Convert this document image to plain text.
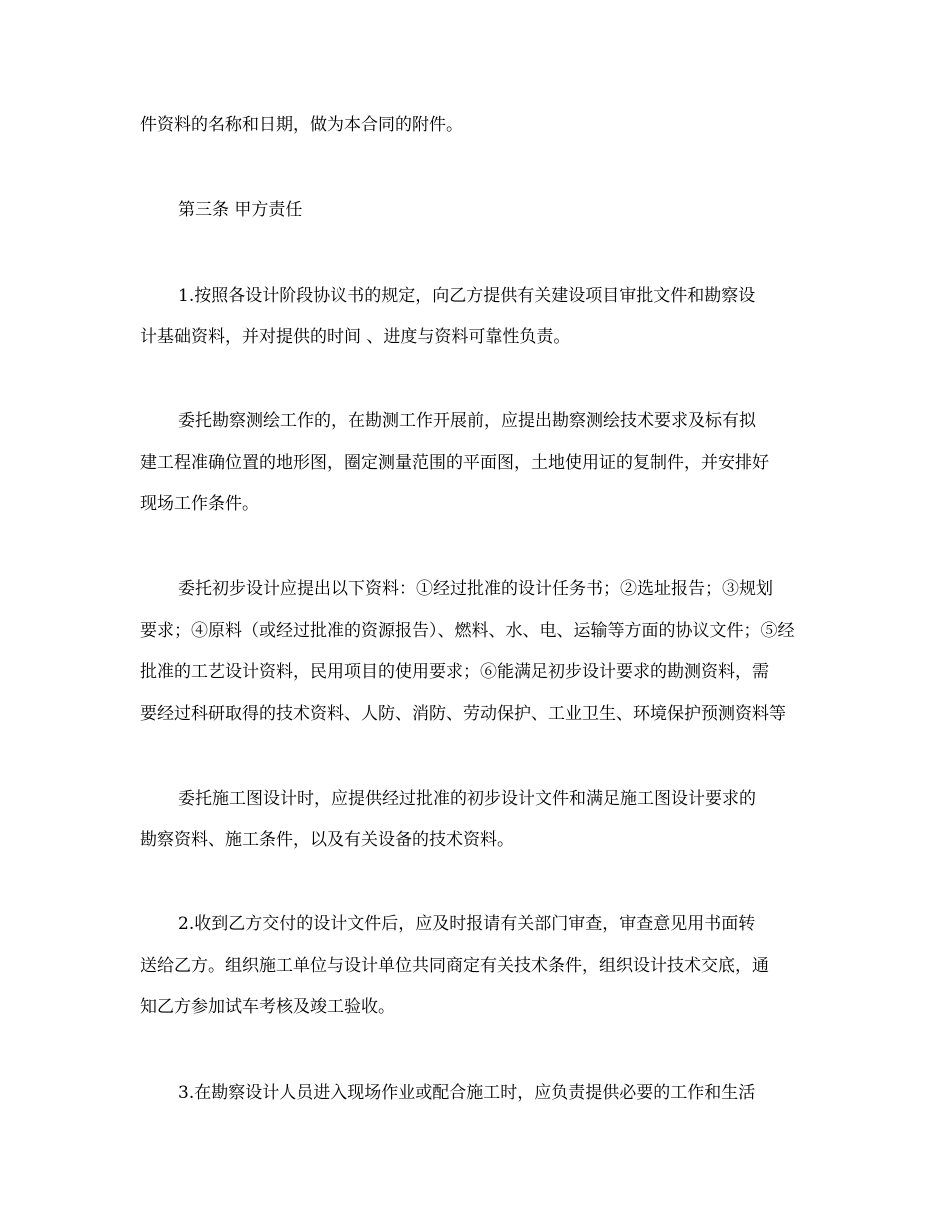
件资料的名称和日期，做为本合同的附件。
第三条 甲方责任
1.按照各设计阶段协议书的规定，向乙方提供有关建设项目审批文件和勘察设
计基础资料，并对提供的时间 、进度与资料可靠性负责。
委托勘察测绘工作的，在勘测工作开展前，应提出勘察测绘技术要求及标有拟
建工程准确位置的地形图，圈定测量范围的平面图，土地使用证的复制件，并安排好
现场工作条件。
委托初步设计应提出以下资料：①经过批准的设计任务书；②选址报告；③规划
要求；④原料（或经过批准的资源报告）、燃料、水、电、运输等方面的协议文件；⑤经
批准的工艺设计资料，民用项目的使用要求；⑥能满足初步设计要求的勘测资料，需
要经过科研取得的技术资料、人防、消防、劳动保护、工业卫生、环境保护预测资料等
委托施工图设计时，应提供经过批准的初步设计文件和满足施工图设计要求的
勘察资料、施工条件，以及有关设备的技术资料。
2.收到乙方交付的设计文件后，应及时报请有关部门审查，审查意见用书面转
送给乙方。组织施工单位与设计单位共同商定有关技术条件，组织设计技术交底，通
知乙方参加试车考核及竣工验收。
3.在勘察设计人员进入现场作业或配合施工时，应负责提供必要的工作和生活
